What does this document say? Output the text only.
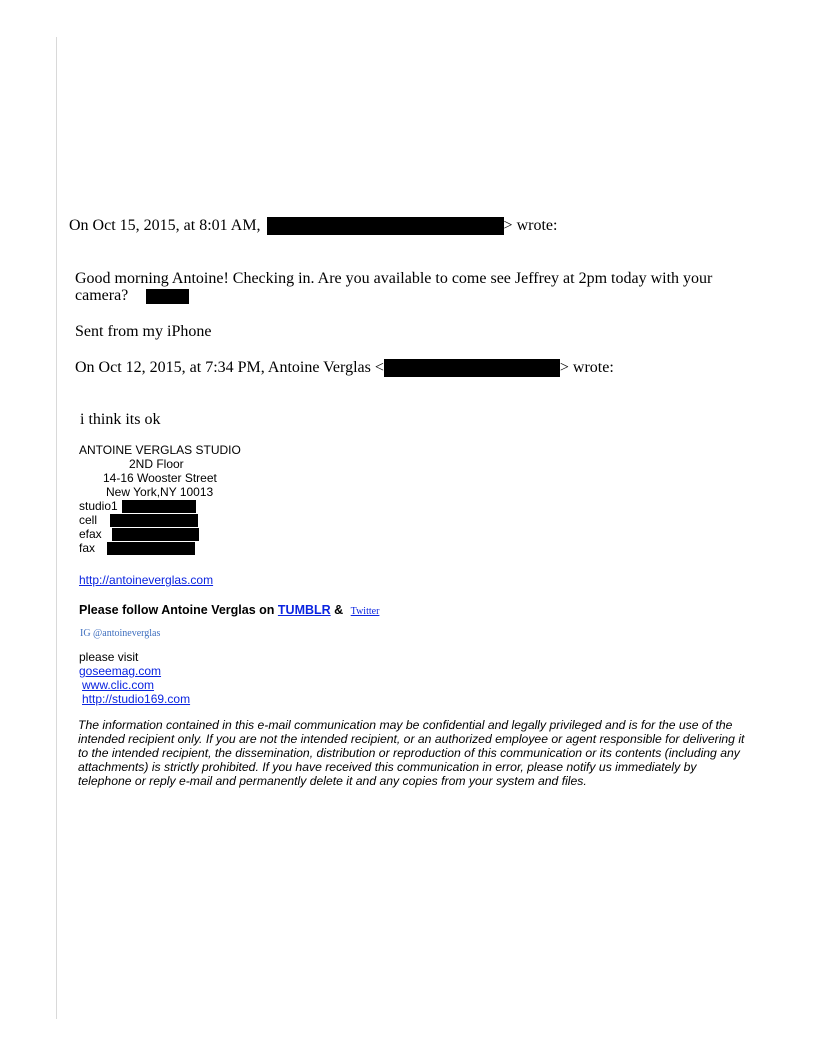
On Oct 15, 2015, at 8:01 AM,	> wrote:
Good morning Antoine! Checking in. Are you available to come see Jeffrey at 2pm today with your
camera?
Sent from my iPhone
On Oct 12, 2015, at 7:34 PM, Antoine Verglas <	> wrote:
i think its ok
ANTOINE VERGLAS STUDIO
2ND Floor
14-16 Wooster Street
New York,NY 10013
studio1
cell
efax
fax
http://antoineverglas.com
Please follow Antoine Verglas on TUMBLR & Twitter
IG @antoineverglas
please visit
goseemag.com
www.clic.com
http://studio169.com
The information contained in this e-mail communication may be confidential and legally privileged and is for the use of the intended recipient only. If you are not the intended recipient, or an authorized employee or agent responsible for delivering it to the intended recipient, the dissemination, distribution or reproduction of this communication or its contents (including any attachments) is strictly prohibited. If you have received this communication in error, please notify us immediately by telephone or reply e-mail and permanently delete it and any copies from your system and files.
